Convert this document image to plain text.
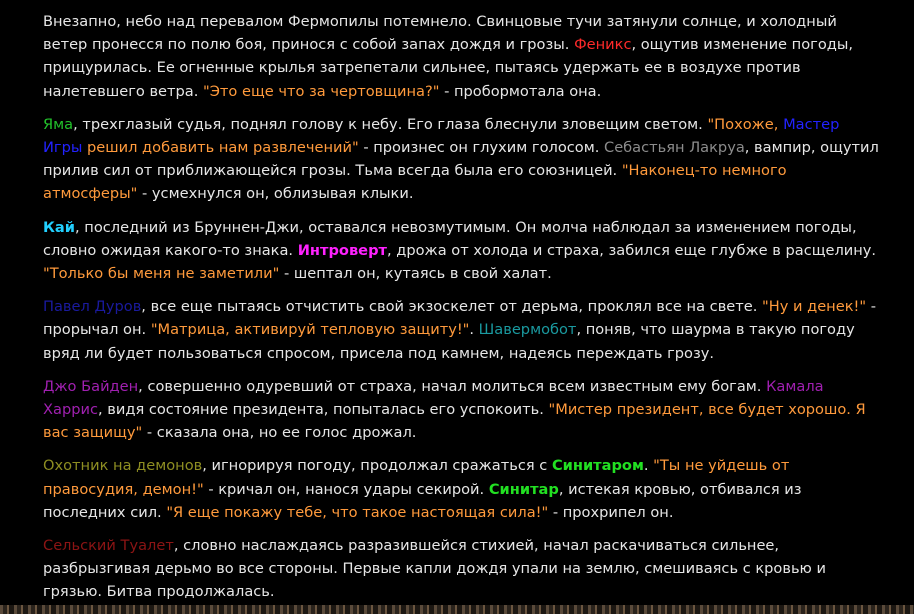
Внезапно, небо над перевалом Фермопилы потемнело. Свинцовые тучи затянули солнце, и холодный ветер пронесся по полю боя, принося с собой запах дождя и грозы. Феникс, ощутив изменение погоды, прищурилась. Ее огненные крылья затрепетали сильнее, пытаясь удержать ее в воздухе против налетевшего ветра. "Это еще что за чертовщина?" - пробормотала она.

Яма, трехглазый судья, поднял голову к небу. Его глаза блеснули зловещим светом. "Похоже, Мастер Игры решил добавить нам развлечений" - произнес он глухим голосом. Себастьян Лакруа, вампир, ощутил прилив сил от приближающейся грозы. Тьма всегда была его союзницей. "Наконец-то немного атмосферы" - усмехнулся он, облизывая клыки.

Кай, последний из Бруннен-Джи, оставался невозмутимым. Он молча наблюдал за изменением погоды, словно ожидая какого-то знака. Интроверт, дрожа от холода и страха, забился еще глубже в расщелину. "Только бы меня не заметили" - шептал он, кутаясь в свой халат.

Павел Дуров, все еще пытаясь отчистить свой экзоскелет от дерьма, проклял все на свете. "Ну и денек!" - прорычал он. "Матрица, активируй тепловую защиту!". Шавермобот, поняв, что шаурма в такую погоду вряд ли будет пользоваться спросом, присела под камнем, надеясь переждать грозу.

Джо Байден, совершенно одуревший от страха, начал молиться всем известным ему богам. Камала Харрис, видя состояние президента, попыталась его успокоить. "Мистер президент, все будет хорошо. Я вас защищу" - сказала она, но ее голос дрожал.

Охотник на демонов, игнорируя погоду, продолжал сражаться с Синитаром. "Ты не уйдешь от правосудия, демон!" - кричал он, нанося удары секирой. Синитар, истекая кровью, отбивался из последних сил. "Я еще покажу тебе, что такое настоящая сила!" - прохрипел он.

Сельский Туалет, словно наслаждаясь разразившейся стихией, начал раскачиваться сильнее, разбрызгивая дерьмо во все стороны. Первые капли дождя упали на землю, смешиваясь с кровью и грязью. Битва продолжалась.
